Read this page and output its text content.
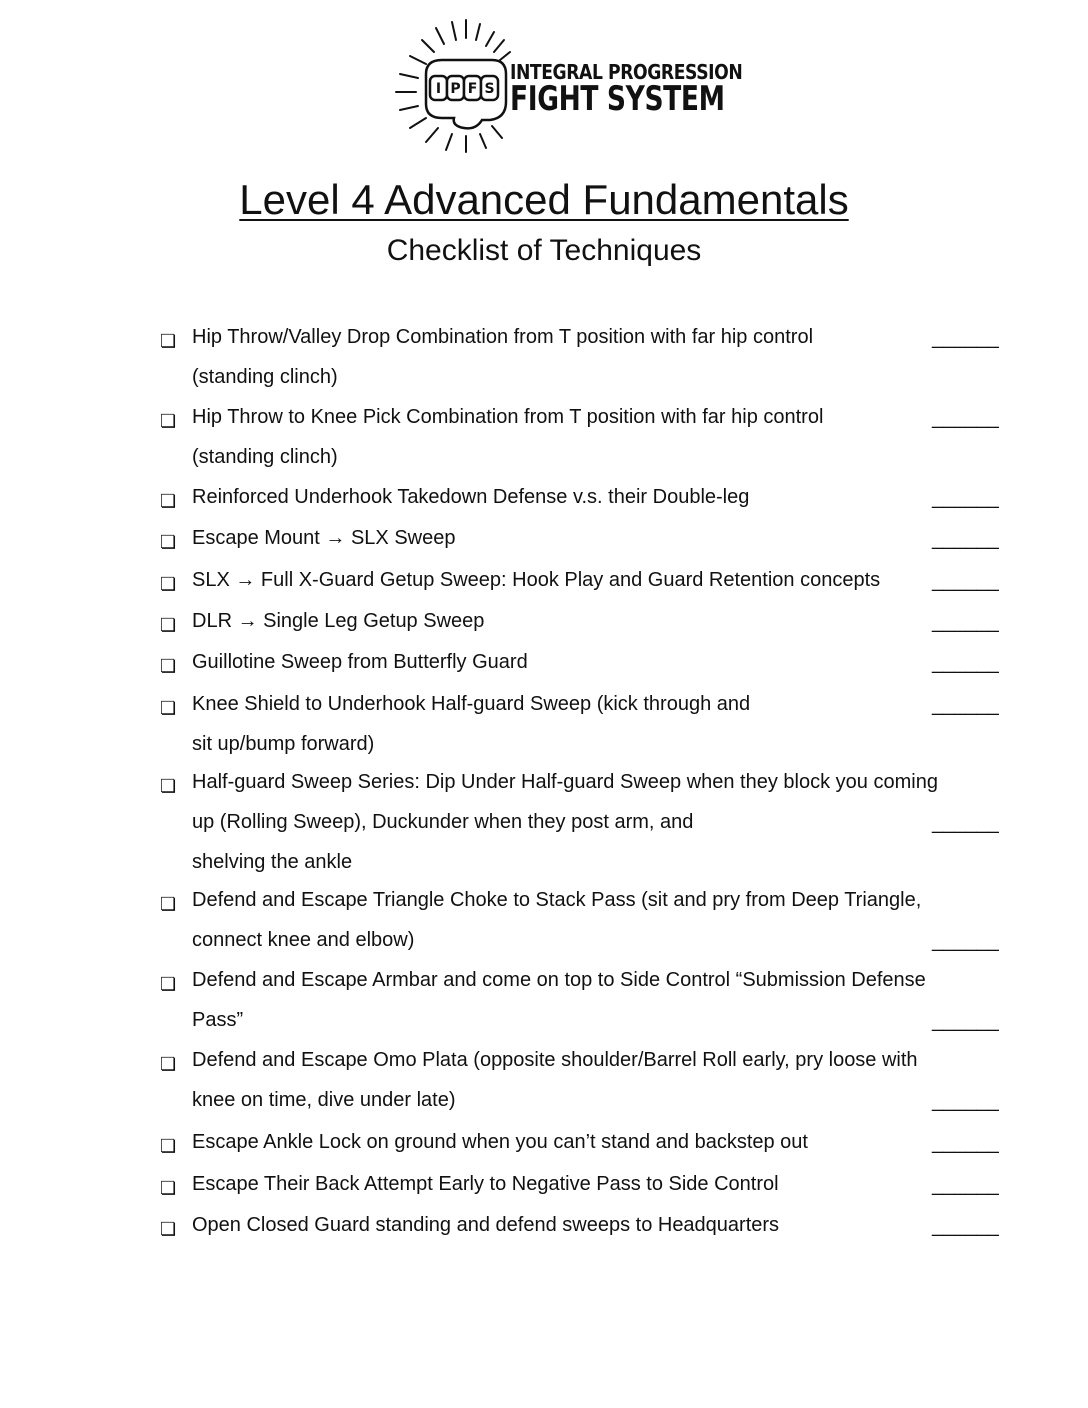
I P F S
INTEGRAL PROGRESSION
FIGHT SYSTEM
Level 4 Advanced Fundamentals
Checklist of Techniques
❏ Hip Throw/Valley Drop Combination from T position with far hip control
(standing clinch)
______
❏ Hip Throw to Knee Pick Combination from T position with far hip control
(standing clinch)
______
❏ Reinforced Underhook Takedown Defense v.s. their Double-leg	______
❏ Escape Mount → SLX Sweep	______
❏ SLX → Full X-Guard Getup Sweep: Hook Play and Guard Retention concepts	______
❏ DLR → Single Leg Getup Sweep	______
❏ Guillotine Sweep from Butterfly Guard	______
❏ Knee Shield to Underhook Half-guard Sweep (kick through and
sit up/bump forward)
______
❏ Half-guard Sweep Series: Dip Under Half-guard Sweep when they block you coming
up (Rolling Sweep), Duckunder when they post arm, and
shelving the ankle
______
❏ Defend and Escape Triangle Choke to Stack Pass (sit and pry from Deep Triangle,
connect knee and elbow)	______
❏ Defend and Escape Armbar and come on top to Side Control “Submission Defense
Pass”	______
❏ Defend and Escape Omo Plata (opposite shoulder/Barrel Roll early, pry loose with
knee on time, dive under late)	______
❏ Escape Ankle Lock on ground when you can’t stand and backstep out	______
❏ Escape Their Back Attempt Early to Negative Pass to Side Control	______
❏ Open Closed Guard standing and defend sweeps to Headquarters	______
